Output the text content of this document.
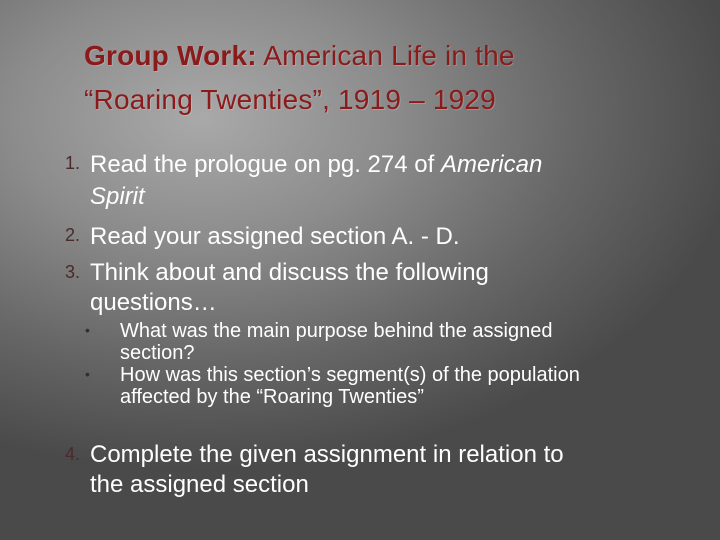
Group Work: American Life in the
“Roaring Twenties”, 1919 – 1929
1. Read the prologue on pg. 274 of American
Spirit
2. Read your assigned section A. - D.
3. Think about and discuss the following
questions…
• What was the main purpose behind the assigned
section?
• How was this section’s segment(s) of the population
affected by the “Roaring Twenties”
4. Complete the given assignment in relation to
the assigned section
